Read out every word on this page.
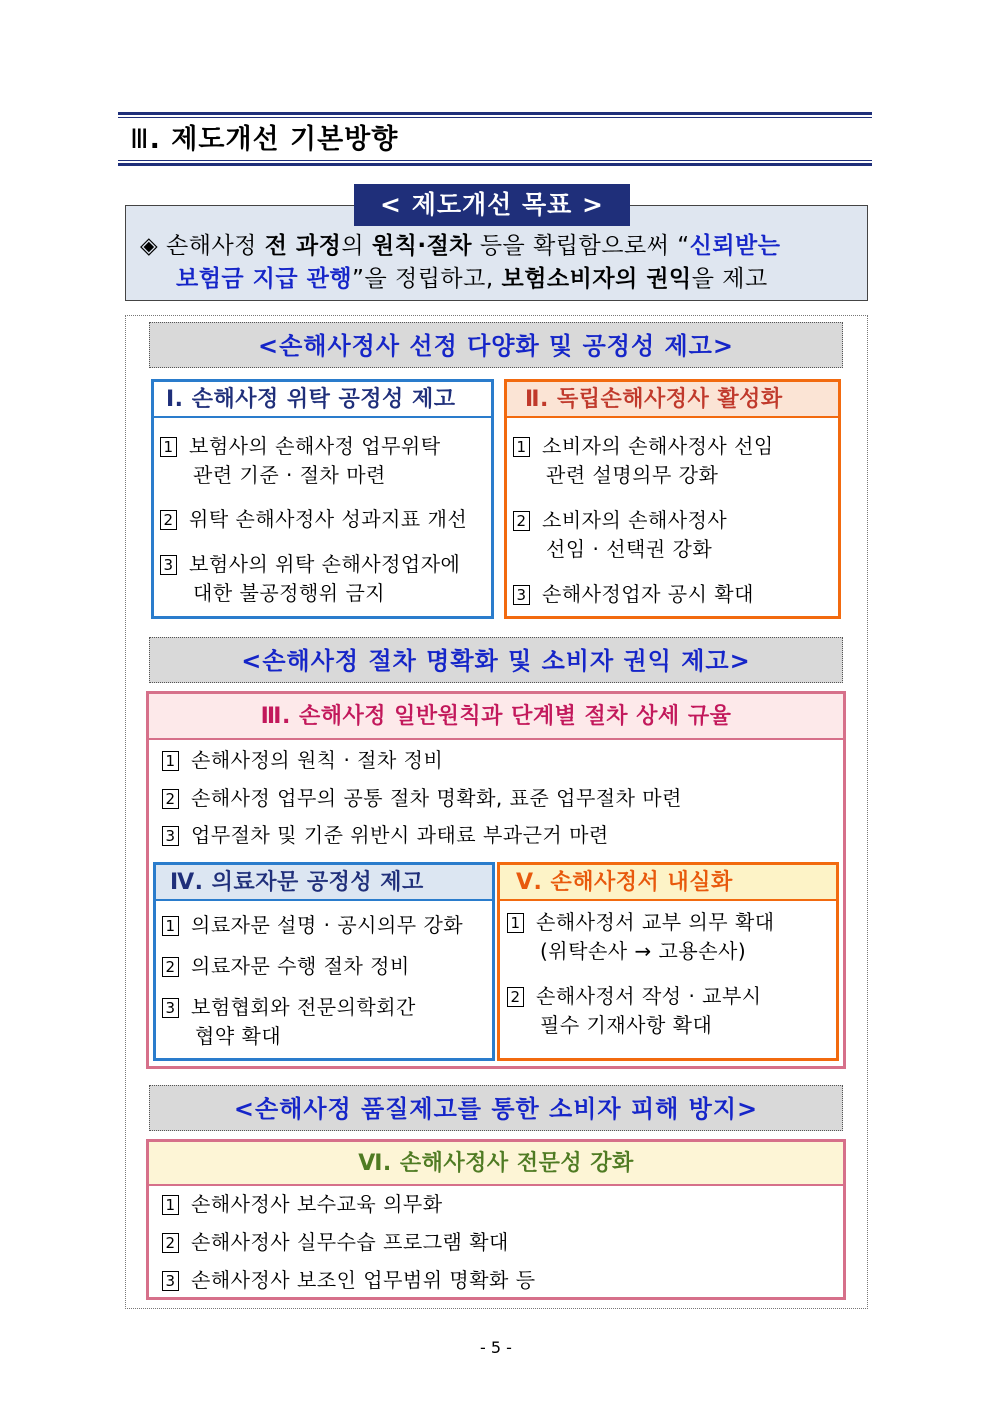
Ⅲ. 제도개선 기본방향
< 제도개선 목표 >
◈ 손해사정 전 과정의 원칙·절차 등을 확립함으로써 “신뢰받는
보험금 지급 관행”을 정립하고, 보험소비자의 권익을 제고
<손해사정사 선정 다양화 및 공정성 제고>
Ⅰ. 손해사정 위탁 공정성 제고
1 보험사의 손해사정 업무위탁
관련 기준 · 절차 마련
2 위탁 손해사정사 성과지표 개선
3 보험사의 위탁 손해사정업자에
대한 불공정행위 금지
Ⅱ. 독립손해사정사 활성화
1 소비자의 손해사정사 선임
관련 설명의무 강화
2 소비자의 손해사정사
선임 · 선택권 강화
3 손해사정업자 공시 확대
<손해사정 절차 명확화 및 소비자 권익 제고>
Ⅲ. 손해사정 일반원칙과 단계별 절차 상세 규율
1 손해사정의 원칙 · 절차 정비
2 손해사정 업무의 공통 절차 명확화, 표준 업무절차 마련
3 업무절차 및 기준 위반시 과태료 부과근거 마련
Ⅳ. 의료자문 공정성 제고
1 의료자문 설명 · 공시의무 강화
2 의료자문 수행 절차 정비
3 보험협회와 전문의학회간
협약 확대
Ⅴ. 손해사정서 내실화
1 손해사정서 교부 의무 확대
(위탁손사 → 고용손사)
2 손해사정서 작성 · 교부시
필수 기재사항 확대
<손해사정 품질제고를 통한 소비자 피해 방지>
Ⅵ. 손해사정사 전문성 강화
1 손해사정사 보수교육 의무화
2 손해사정사 실무수습 프로그램 확대
3 손해사정사 보조인 업무범위 명확화 등
- 5 -
